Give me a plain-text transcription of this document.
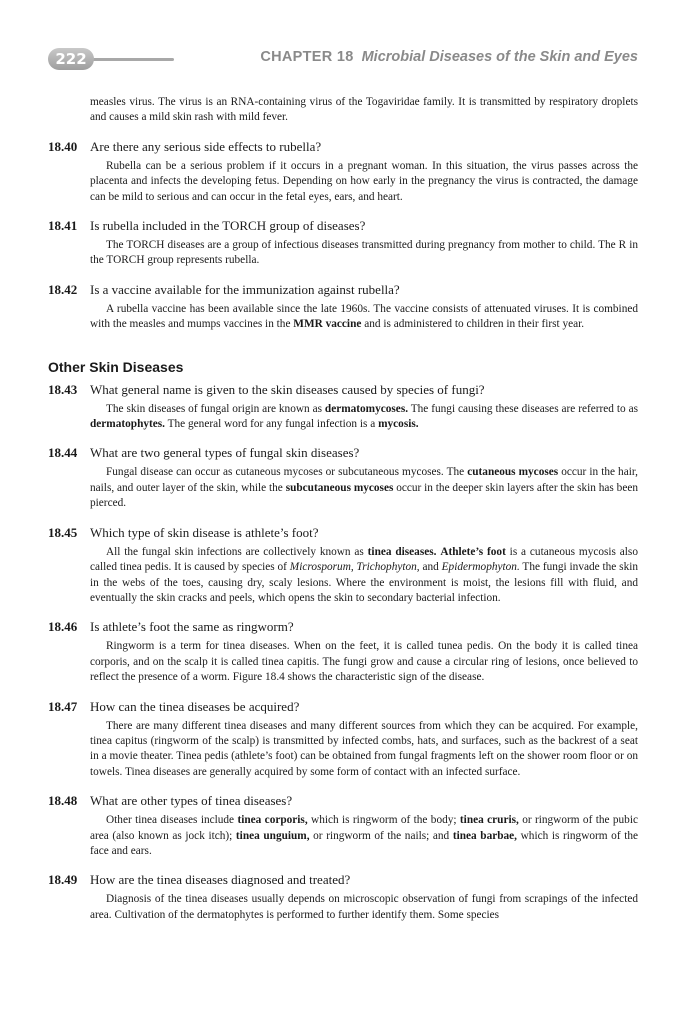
222	CHAPTER 18 Microbial Diseases of the Skin and Eyes

measles virus. The virus is an RNA-containing virus of the Togaviridae family. It is transmitted by respiratory droplets and causes a mild skin rash with mild fever.

18.40 Are there any serious side effects to rubella?

Rubella can be a serious problem if it occurs in a pregnant woman. In this situation, the virus passes across the placenta and infects the developing fetus. Depending on how early in the pregnancy the virus is contracted, the damage can be mild to serious and can occur in the fetal eyes, ears, and heart.

18.41 Is rubella included in the TORCH group of diseases?

The TORCH diseases are a group of infectious diseases transmitted during pregnancy from mother to child. The R in the TORCH group represents rubella.

18.42 Is a vaccine available for the immunization against rubella?

A rubella vaccine has been available since the late 1960s. The vaccine consists of attenuated viruses. It is combined with the measles and mumps vaccines in the MMR vaccine and is administered to children in their first year.

Other Skin Diseases
18.43 What general name is given to the skin diseases caused by species of fungi?

The skin diseases of fungal origin are known as dermatomycoses. The fungi causing these diseases are referred to as dermatophytes. The general word for any fungal infection is a mycosis.

18.44 What are two general types of fungal skin diseases?

Fungal disease can occur as cutaneous mycoses or subcutaneous mycoses. The cutaneous mycoses occur in the hair, nails, and outer layer of the skin, while the subcutaneous mycoses occur in the deeper skin layers after the skin has been pierced.

18.45 Which type of skin disease is athlete’s foot?

All the fungal skin infections are collectively known as tinea diseases. Athlete’s foot is a cutaneous mycosis also called tinea pedis. It is caused by species of Microsporum, Trichophyton, and Epidermophyton. The fungi invade the skin in the webs of the toes, causing dry, scaly lesions. Where the environment is moist, the lesions fill with fluid, and eventually the skin cracks and peels, which opens the skin to secondary bacterial infection.

18.46 Is athlete’s foot the same as ringworm?

Ringworm is a term for tinea diseases. When on the feet, it is called tunea pedis. On the body it is called tinea corporis, and on the scalp it is called tinea capitis. The fungi grow and cause a circular ring of lesions, once believed to reflect the presence of a worm. Figure 18.4 shows the characteristic sign of the disease.

18.47 How can the tinea diseases be acquired?

There are many different tinea diseases and many different sources from which they can be acquired. For example, tinea capitus (ringworm of the scalp) is transmitted by infected combs, hats, and surfaces, such as the backrest of a seat in a movie theater. Tinea pedis (athlete’s foot) can be obtained from fungal fragments left on the shower room floor or on towels. Tinea diseases are generally acquired by some form of contact with an infected surface.

18.48 What are other types of tinea diseases?

Other tinea diseases include tinea corporis, which is ringworm of the body; tinea cruris, or ringworm of the pubic area (also known as jock itch); tinea unguium, or ringworm of the nails; and tinea barbae, which is ringworm of the face and ears.

18.49 How are the tinea diseases diagnosed and treated?

Diagnosis of the tinea diseases usually depends on microscopic observation of fungi from scrapings of the infected area. Cultivation of the dermatophytes is performed to further identify them. Some species
